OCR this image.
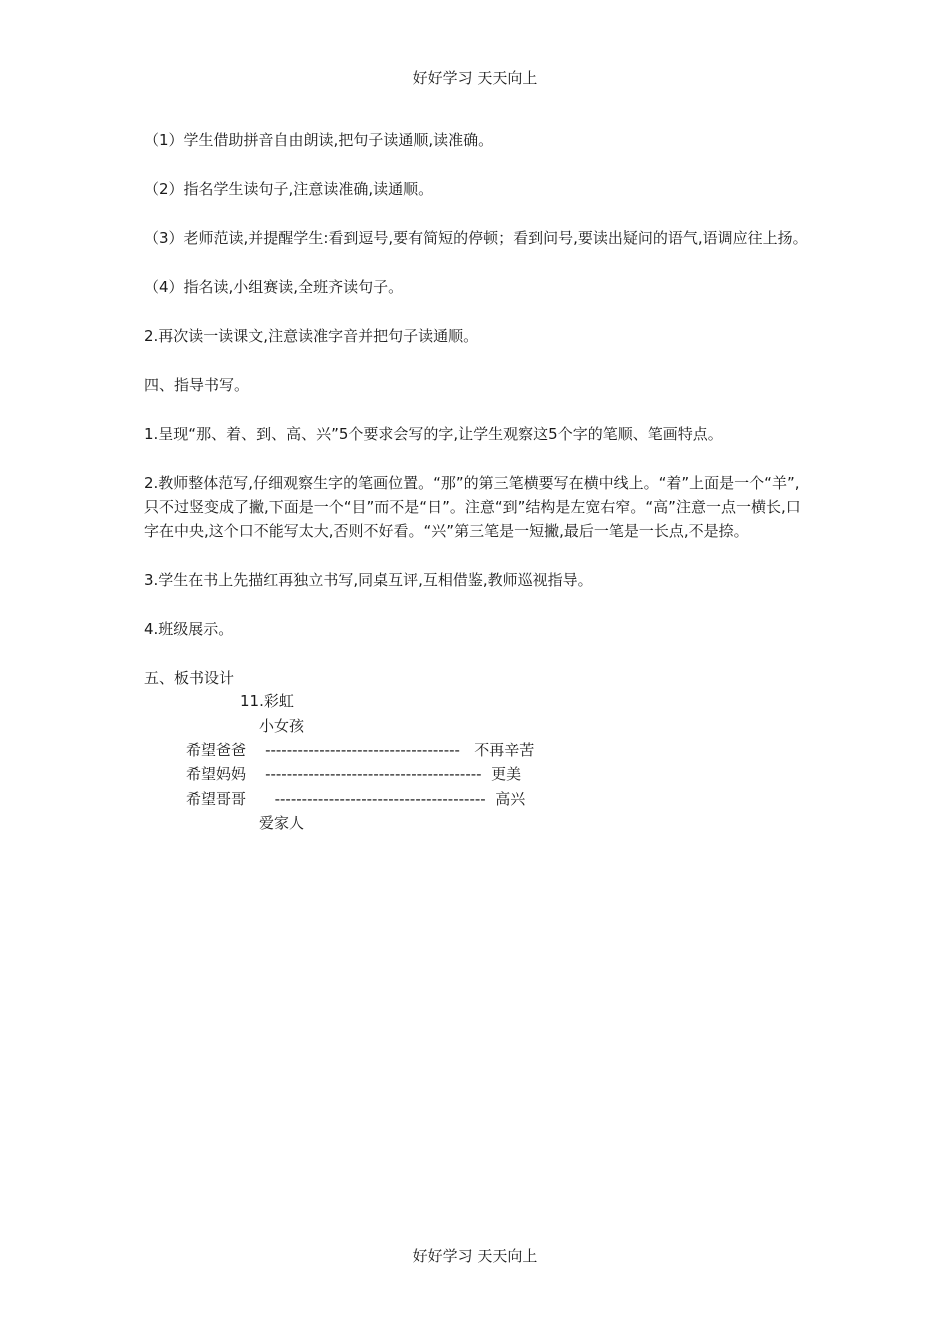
好好学习 天天向上

（1）学生借助拼音自由朗读,把句子读通顺,读准确。

（2）指名学生读句子,注意读准确,读通顺。

（3）老师范读,并提醒学生:看到逗号,要有简短的停顿；看到问号,要读出疑问的语气,语调应往上扬。

（4）指名读,小组赛读,全班齐读句子。

2.再次读一读课文,注意读准字音并把句子读通顺。

四、指导书写。

1.呈现“那、着、到、高、兴”5个要求会写的字,让学生观察这5个字的笔顺、笔画特点。

2.教师整体范写,仔细观察生字的笔画位置。“那”的第三笔横要写在横中线上。“着”上面是一个“羊”,只不过竖变成了撇,下面是一个“目”而不是“日”。注意“到”结构是左宽右窄。“高”注意一点一横长,口字在中央,这个口不能写太大,否则不好看。“兴”第三笔是一短撇,最后一笔是一长点,不是捺。

3.学生在书上先描红再独立书写,同桌互评,互相借鉴,教师巡视指导。

4.班级展示。

五、板书设计

11.彩虹
小女孩
希望爸爸    ------------------------------------   不再辛苦
希望妈妈    ----------------------------------------  更美
希望哥哥      ---------------------------------------  高兴
爱家人
好好学习 天天向上
